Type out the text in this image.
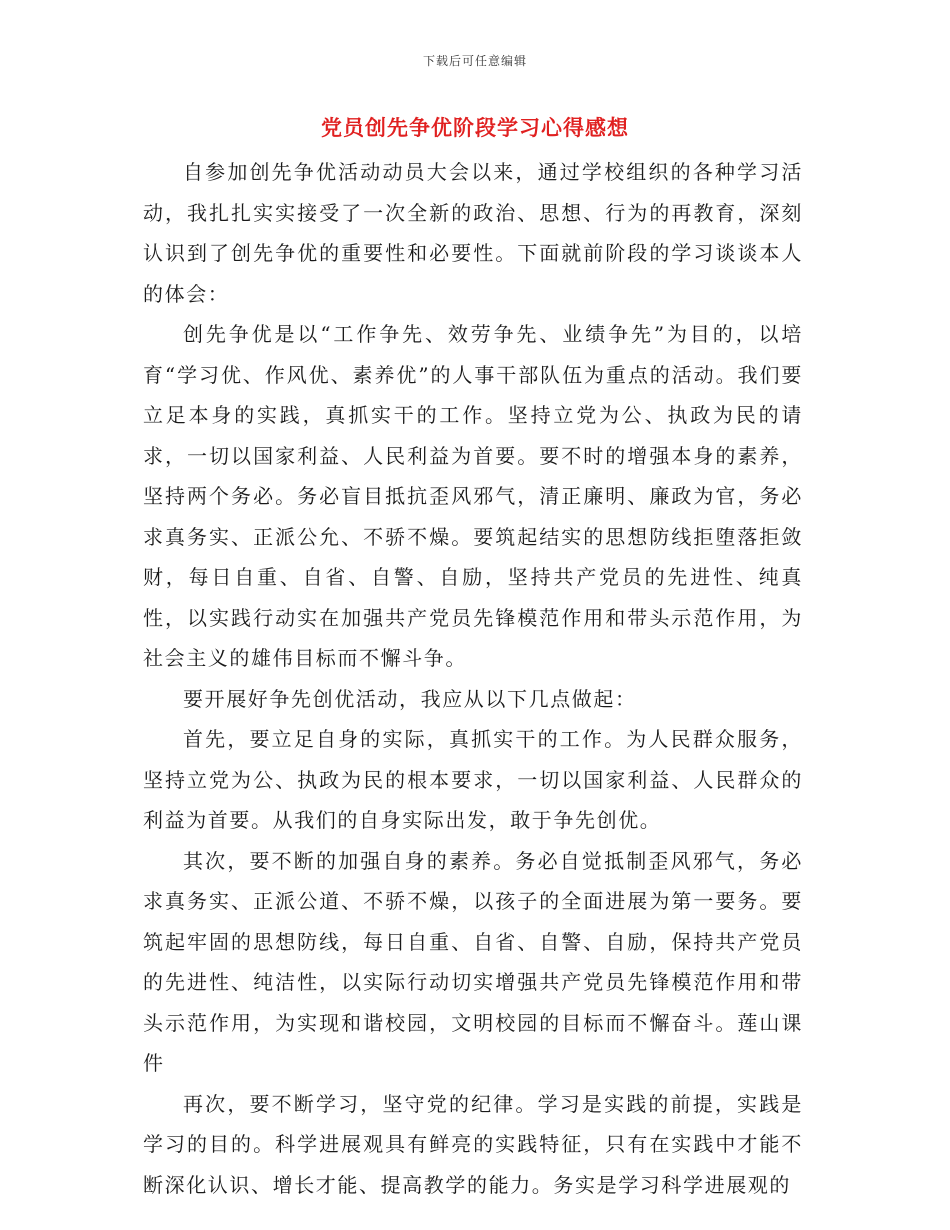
下载后可任意编辑
党员创先争优阶段学习心得感想

自参加创先争优活动动员大会以来，通过学校组织的各种学习活动，我扎扎实实接受了一次全新的政治、思想、行为的再教育，深刻认识到了创先争优的重要性和必要性。下面就前阶段的学习谈谈本人的体会：

创先争优是以“工作争先、效劳争先、业绩争先”为目的，以培育“学习优、作风优、素养优”的人事干部队伍为重点的活动。我们要立足本身的实践，真抓实干的工作。坚持立党为公、执政为民的请求，一切以国家利益、人民利益为首要。要不时的增强本身的素养，坚持两个务必。务必盲目抵抗歪风邪气，清正廉明、廉政为官，务必求真务实、正派公允、不骄不燥。要筑起结实的思想防线拒堕落拒敛财，每日自重、自省、自警、自励，坚持共产党员的先进性、纯真性，以实践行动实在加强共产党员先锋模范作用和带头示范作用，为社会主义的雄伟目标而不懈斗争。

要开展好争先创优活动，我应从以下几点做起：

首先，要立足自身的实际，真抓实干的工作。为人民群众服务，坚持立党为公、执政为民的根本要求，一切以国家利益、人民群众的利益为首要。从我们的自身实际出发，敢于争先创优。

其次，要不断的加强自身的素养。务必自觉抵制歪风邪气，务必求真务实、正派公道、不骄不燥，以孩子的全面进展为第一要务。要筑起牢固的思想防线，每日自重、自省、自警、自励，保持共产党员的先进性、纯洁性，以实际行动切实增强共产党员先锋模范作用和带头示范作用，为实现和谐校园，文明校园的目标而不懈奋斗。莲山课件

再次，要不断学习，坚守党的纪律。学习是实践的前提，实践是学习的目的。科学进展观具有鲜亮的实践特征，只有在实践中才能不断深化认识、增长才能、提高教学的能力。务实是学习科学进展观的
